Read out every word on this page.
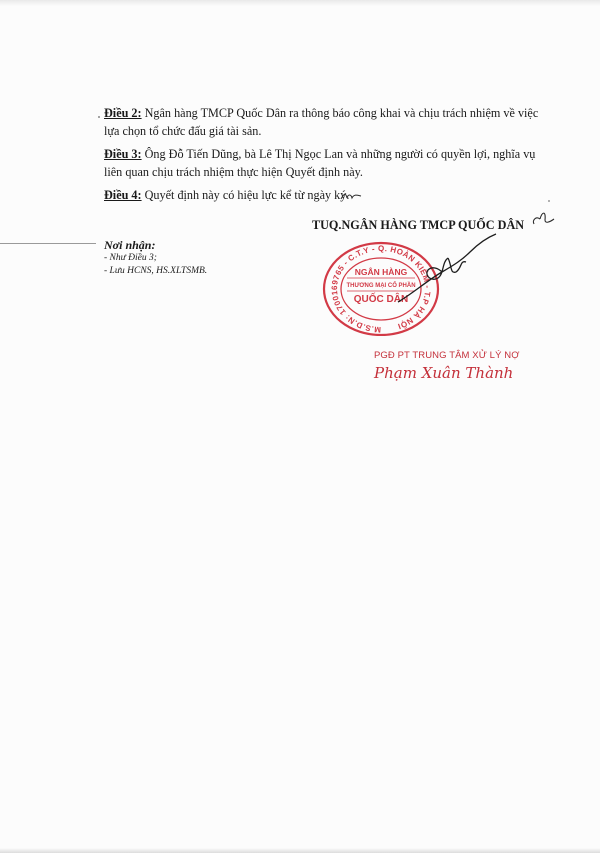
Điều 2: Ngân hàng TMCP Quốc Dân ra thông báo công khai và chịu trách nhiệm về việc lựa chọn tổ chức đấu giá tài sản.

Điều 3: Ông Đỗ Tiến Dũng, bà Lê Thị Ngọc Lan và những người có quyền lợi, nghĩa vụ liên quan chịu trách nhiệm thực hiện Quyết định này.

Điều 4: Quyết định này có hiệu lực kể từ ngày ký.

TUQ.NGÂN HÀNG TMCP QUỐC DÂN
Nơi nhận:
- Như Điều 3;
- Lưu HCNS, HS.XLTSMB.
M.S.D.N: 1700169765 - C.T.Y - Q. HOÀN KIẾM - T.P HÀ NỘI
NGÂN HÀNG
THƯƠNG MẠI CỔ PHẦN
QUỐC DÂN
PGĐ PT TRUNG TÂM XỬ LÝ NỢ
Phạm Xuân Thành
